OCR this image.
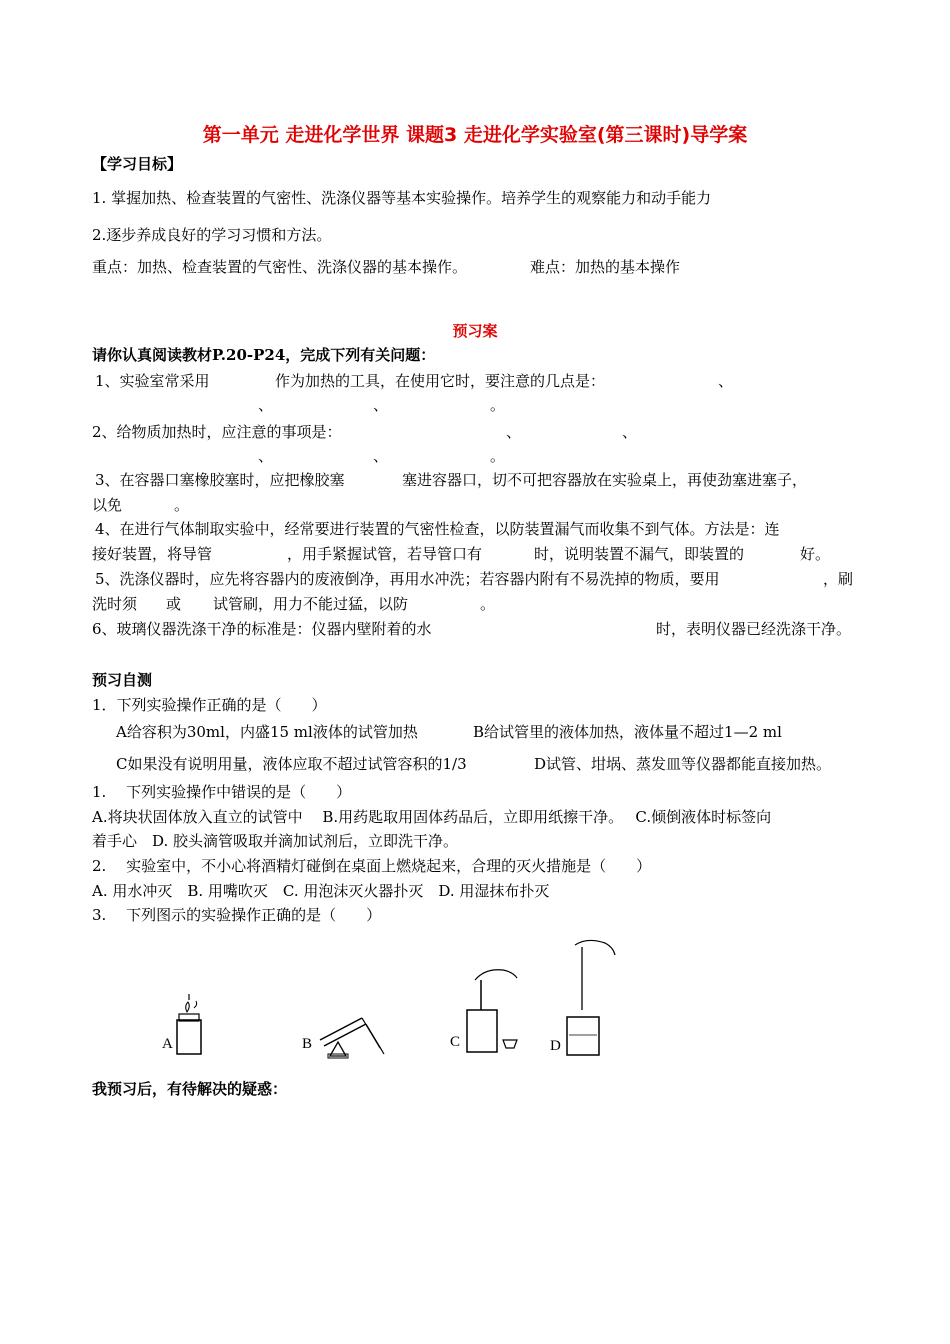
第一单元 走进化学世界 课题3 走进化学实验室(第三课时)导学案
【学习目标】
1. 掌握加热、检查装置的气密性、洗涤仪器等基本实验操作。培养学生的观察能力和动手能力
2.逐步养成良好的学习习惯和方法。
重点：加热、检查装置的气密性、洗涤仪器的基本操作。	难点：加热的基本操作
预习案
请你认真阅读教材P.20-P24，完成下列有关问题：
1、实验室常采用	作为加热的工具，在使用它时，要注意的几点是：	、
、	、	。
2、给物质加热时，应注意的事项是：	、	、
、	、	。
3、在容器口塞橡胶塞时，应把橡胶塞	塞进容器口，切不可把容器放在实验桌上，再使劲塞进塞子，
以免	。
4、在进行气体制取实验中，经常要进行装置的气密性检查，以防装置漏气而收集不到气体。方法是：连
接好装置，将导管	，用手紧握试管，若导管口有	时，说明装置不漏气，即装置的	好。
5、洗涤仪器时，应先将容器内的废液倒净，再用水冲洗；若容器内附有不易洗掉的物质，要用	，刷
洗时须 或 试管刷，用力不能过猛，以防	。
6、玻璃仪器洗涤干净的标准是：仪器内壁附着的水	时，表明仪器已经洗涤干净。
预习自测
1．下列实验操作正确的是（　　）
A给容积为30ml，内盛15 ml液体的试管加热	B给试管里的液体加热，液体量不超过1—2 ml
C如果没有说明用量，液体应取不超过试管容积的1/3	D试管、坩埚、蒸发皿等仪器都能直接加热。
1.　 下列实验操作中错误的是（　　）
A.将块状固体放入直立的试管中　 B.用药匙取用固体药品后，立即用纸擦干净。　 C.倾倒液体时标签向
着手心　D. 胶头滴管吸取并滴加试剂后，立即洗干净。
2.　 实验室中，不小心将酒精灯碰倒在桌面上燃烧起来，合理的灭火措施是（　　）
A. 用水冲灭　B. 用嘴吹灭　C. 用泡沫灭火器扑灭　D. 用湿抹布扑灭
3.　 下列图示的实验操作正确的是（　　）
A	B	C	D
我预习后，有待解决的疑惑：
